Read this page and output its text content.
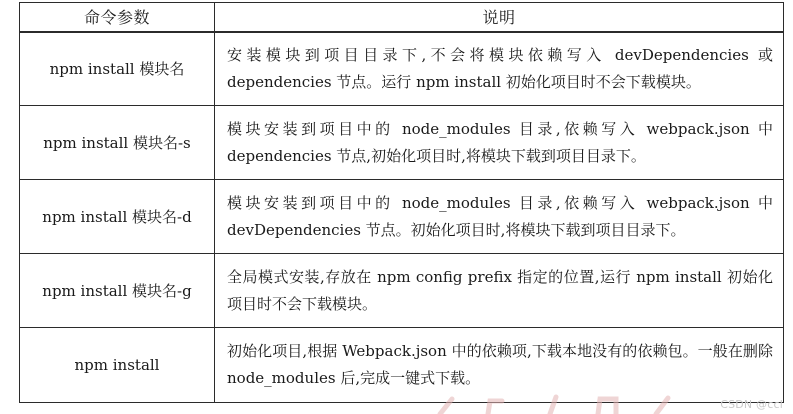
命令参数	说明
npm install 模块名	安装模块到项目目录下,不会将模块依赖写入 devDependencies 或 dependencies 节点。运行 npm install 初始化项目时不会下载模块。
npm install 模块名-s	模块安装到项目中的 node_modules 目录,依赖写入 webpack.json 中 dependencies 节点,初始化项目时,将模块下载到项目目录下。
npm install 模块名-d	模块安装到项目中的 node_modules 目录,依赖写入 webpack.json 中 devDependencies 节点。初始化项目时,将模块下载到项目目录下。
npm install 模块名-g	全局模式安装,存放在 npm config prefix 指定的位置,运行 npm install 初始化项目时不会下载模块。
npm install	初始化项目,根据 Webpack.json 中的依赖项,下载本地没有的依赖包。一般在删除 node_modules 后,完成一键式下载。
CSDN @ccl
